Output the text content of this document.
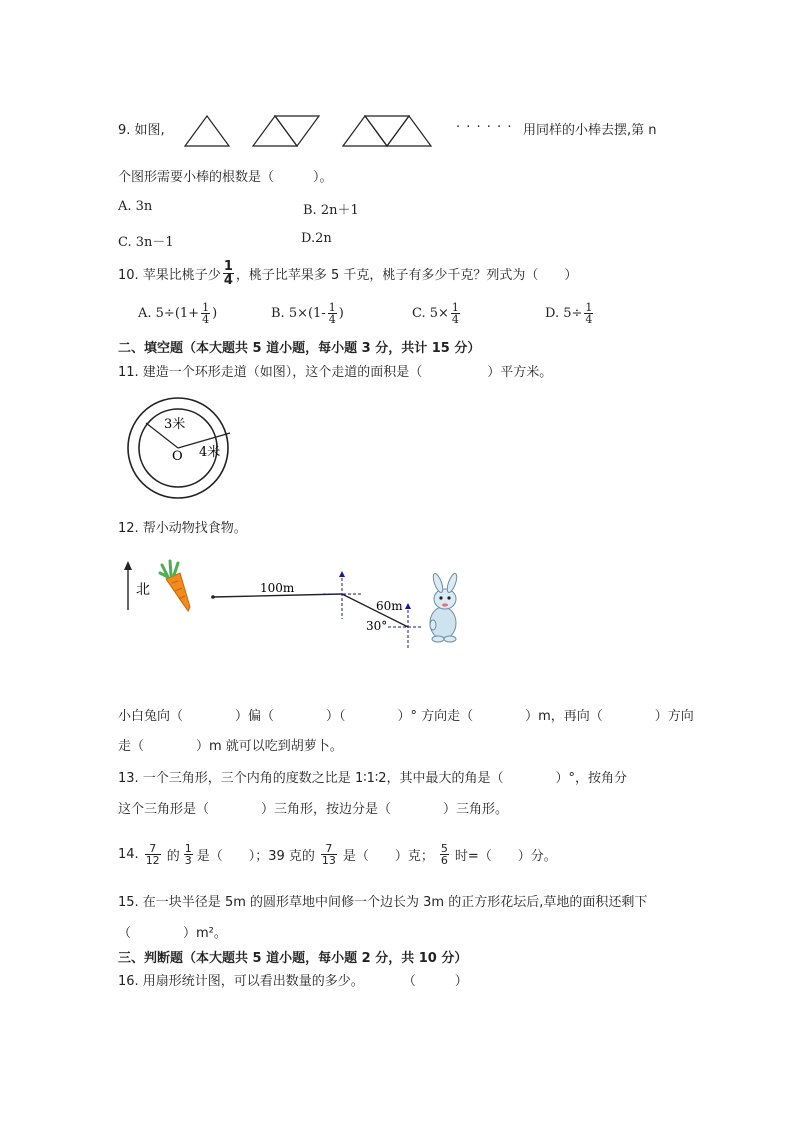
9. 如图,	· · · · · · 用同样的小棒去摆,第 n
个图形需要小棒的根数是（　　　）。
A. 3n	B. 2n＋1
C. 3n－1	D.2n
10. 苹果比桃子少 $\frac{1}{4}$ ，桃子比苹果多 5 千克，桃子有多少千克？列式为（　　）
A. $5\div(1+ \frac{1}{4}$ )	B. $5\times(1- \frac{1}{4}$ )	C. $5\times \frac{1}{4}$	D. $5\div \frac{1}{4}$
二、填空题（本大题共 5 道小题，每小题 3 分，共计 15 分）
11. 建造一个环形走道（如图），这个走道的面积是（　　　　　）平方米。
3米
4米
O
12. 帮小动物找食物。
北	100m
60m
30°
小白兔向（　　　　）偏（　　　　）（　　　　）° 方向走（　　　　）m，再向（　　　　）方向
走（　　　　）m 就可以吃到胡萝卜。
13. 一个三角形，三个内角的度数之比是 1∶1∶2，其中最大的角是（　　　　）°，按角分
这个三角形是（　　　　）三角形，按边分是（　　　　）三角形。
14. $\frac{7}{12}$ 的 $\frac{1}{3}$ 是（　　）；39 克的 $\frac{7}{13}$ 是（　　）克； $\frac{5}{6}$ 时=（　　）分。
15. 在一块半径是 5m 的圆形草地中间修一个边长为 3m 的正方形花坛后,草地的面积还剩下
（　　　　）m²。
三、判断题（本大题共 5 道小题，每小题 2 分，共 10 分）
16. 用扇形统计图，可以看出数量的多少。　　　　（　　　）
